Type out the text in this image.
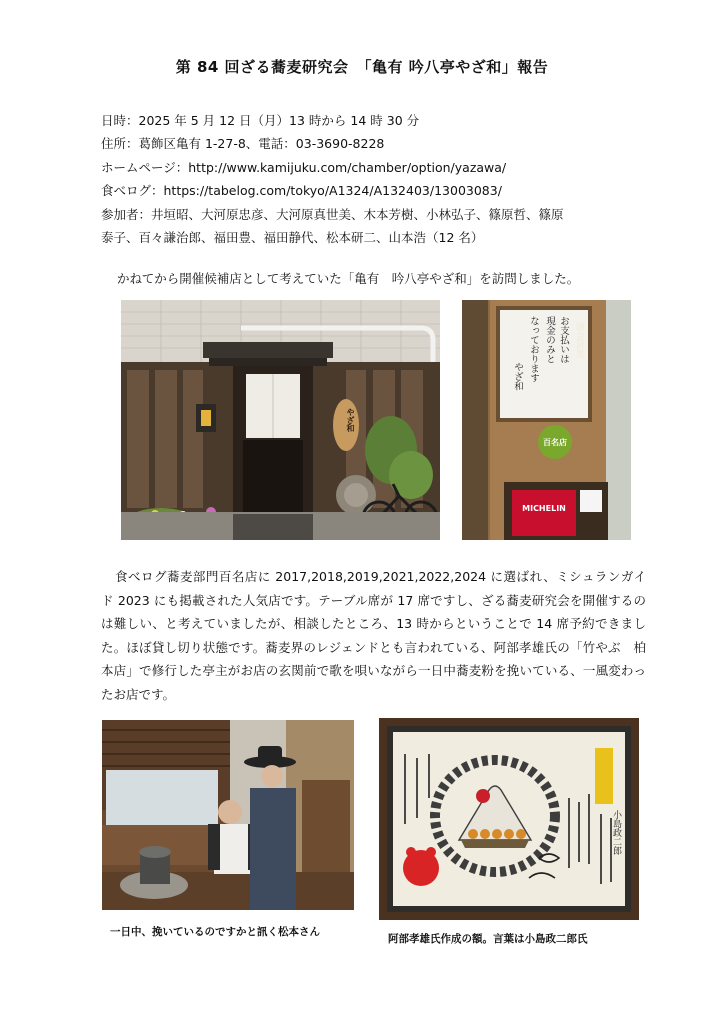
第 84 回ざる蕎麦研究会　「亀有 吟八亭やざ和」報告
日時：2025 年 5 月 12 日（月）13 時から 14 時 30 分
住所：葛飾区亀有 1-27-8、電話：03-3690-8228
ホームページ：http://www.kamijuku.com/chamber/option/yazawa/
食べログ：https://tabelog.com/tokyo/A1324/A132403/13003083/
参加者：井垣昭、大河原忠彦、大河原真世美、木本芳樹、小林弘子、篠原哲、篠原
泰子、百々謙治郎、福田豊、福田静代、松本研二、山本浩（12 名）
かねてから開催候補店として考えていた「亀有　吟八亭やざ和」を訪問しました。
やざ和
お支払いは
現金のみと
なっております
やざ和
御会計処
百名店
MICHELIN
食べログ蕎麦部門百名店に 2017,2018,2019,2021,2022,2024 に選ばれ、ミシュランガイド 2023 にも掲載された人気店です。テーブル席が 17 席ですし、ざる蕎麦研究会を開催するのは難しい、と考えていましたが、相談したところ、13 時からということで 14 席予約できました。ほぼ貸し切り状態です。蕎麦界のレジェンドとも言われている、阿部孝雄氏の「竹やぶ　柏本店」で修行した亭主がお店の玄関前で歌を唄いながら一日中蕎麦粉を挽いている、一風変わったお店です。
一日中、挽いているのですかと訊く松本さん
小島政二郎
阿部孝雄氏作成の額。言葉は小島政二郎氏
